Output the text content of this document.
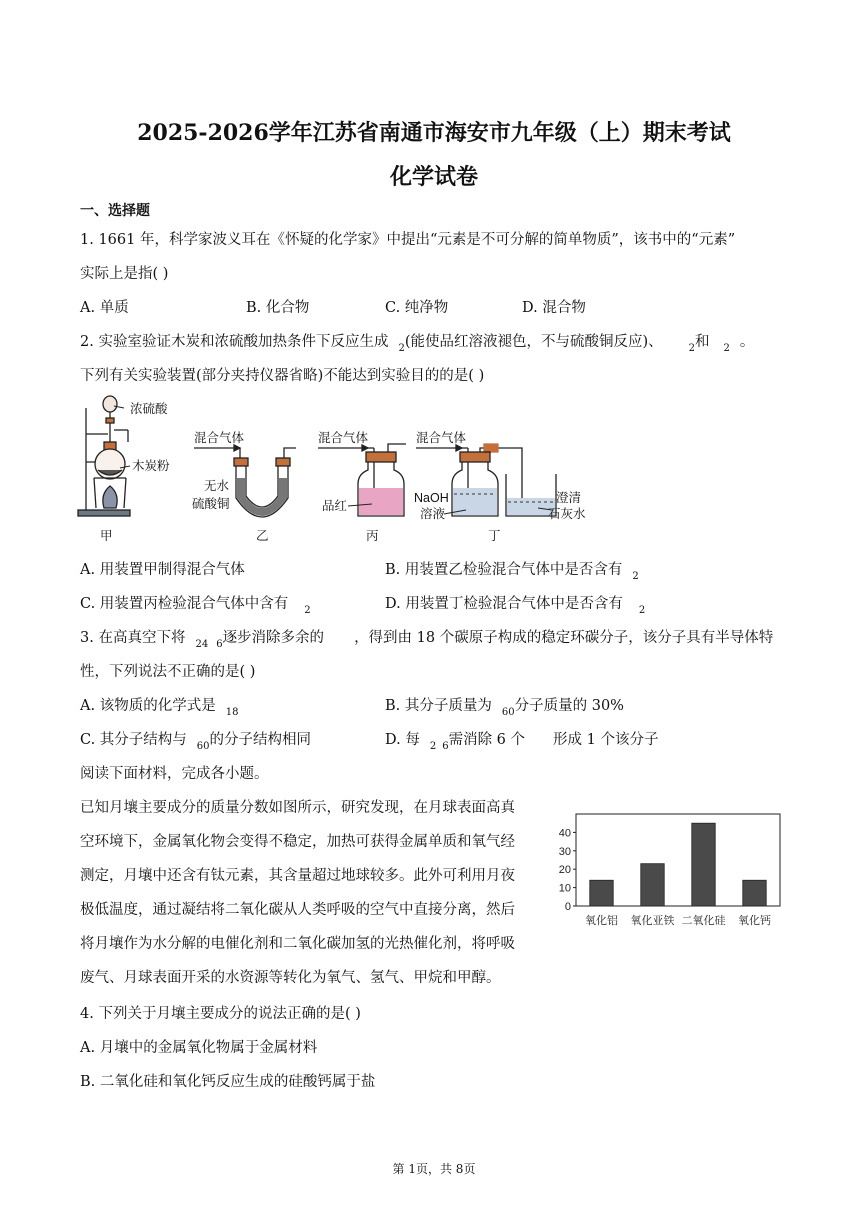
2025-2026学年江苏省南通市海安市九年级（上）期末考试
化学试卷
一、选择题
1. 1661 年，科学家波义耳在《怀疑的化学家》中提出“元素是不可分解的简单物质”，该书中的“元素”
实际上是指( )
A. 单质	B. 化合物	C. 纯净物	D. 混合物
2. 实验室验证木炭和浓硫酸加热条件下反应生成 $_2$(能使品红溶液褪色，不与硫酸铜反应)、	$_2$和 $_2$ 。
下列有关实验装置(部分夹持仪器省略)不能达到实验目的的是( )
浓硫酸
木炭粉
甲
混合气体
无水
硫酸铜
乙
混合气体
品红
丙
混合气体
NaOH
溶液
澄清
石灰水
丁
A. 用装置甲制得混合气体	B. 用装置乙检验混合气体中是否含有 $_2$
C. 用装置丙检验混合气体中含有 $_2$	D. 用装置丁检验混合气体中是否含有 $_2$
3. 在高真空下将 $_{24}$ $_6$逐步消除多余的 ，得到由 18 个碳原子构成的稳定环碳分子，该分子具有半导体特
性，下列说法不正确的是( )
A. 该物质的化学式是 $_{18}$	B. 其分子质量为 $_{60}$分子质量的 30%
C. 其分子结构与 $_{60}$的分子结构相同	D. 每 $_2$ $_6$需消除 6 个 形成 1 个该分子
阅读下面材料，完成各小题。
已知月壤主要成分的质量分数如图所示，研究发现，在月球表面高真
空环境下，金属氧化物会变得不稳定，加热可获得金属单质和氧气经
测定，月壤中还含有钛元素，其含量超过地球较多。此外可利用月夜
极低温度，通过凝结将二氧化碳从人类呼吸的空气中直接分离，然后
将月壤作为水分解的电催化剂和二氧化碳加氢的光热催化剂，将呼吸
废气、月球表面开采的水资源等转化为氧气、氢气、甲烷和甲醇。
0
10
20
30
40
氧化铝 氧化亚铁 二氧化硅 氧化钙
4. 下列关于月壤主要成分的说法正确的是( )
A. 月壤中的金属氧化物属于金属材料
B. 二氧化硅和氧化钙反应生成的硅酸钙属于盐
第 1页，共 8页
